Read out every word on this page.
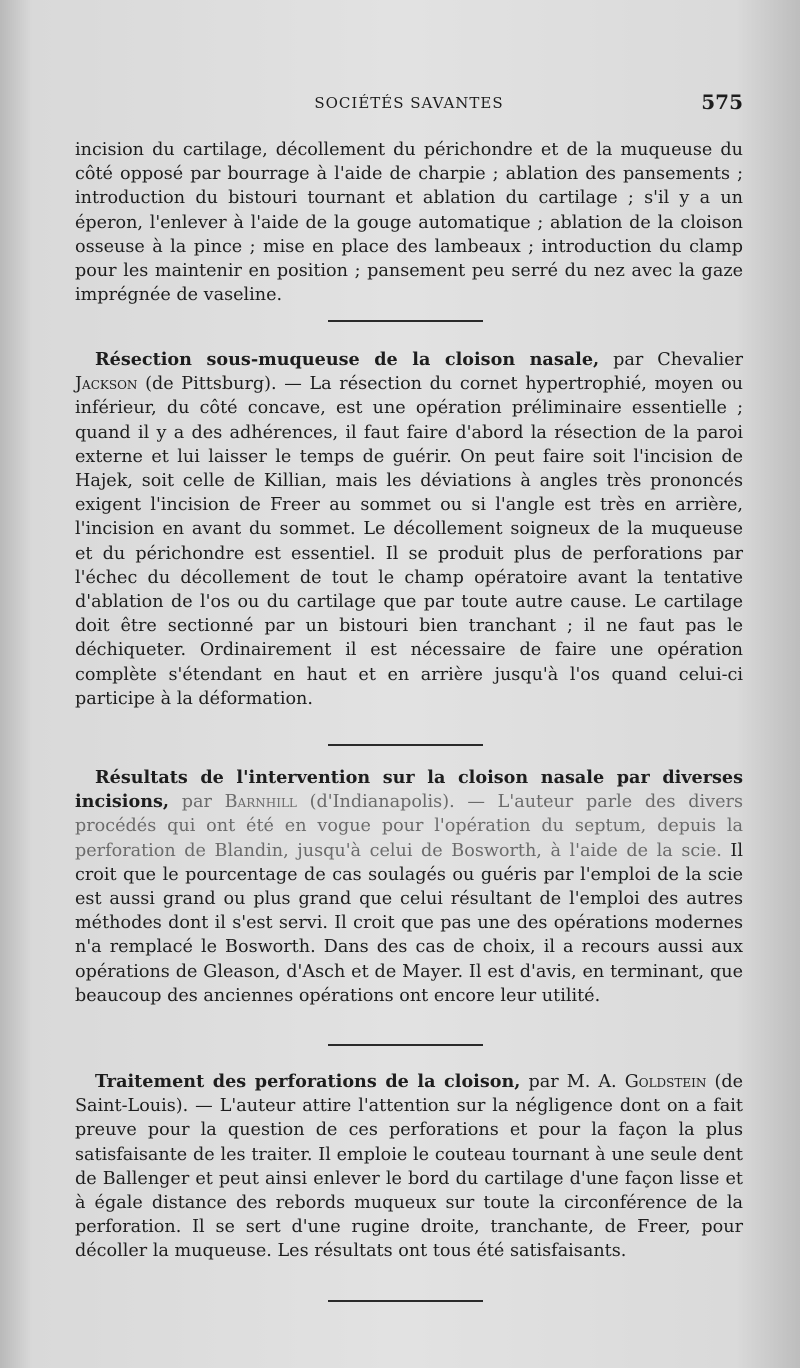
SOCIÉTÉS SAVANTES	575

incision du cartilage, décollement du périchondre et de la muqueuse du côté opposé par bourrage à l'aide de charpie ; ablation des pansements ; introduction du bistouri tournant et ablation du cartilage ; s'il y a un éperon, l'enlever à l'aide de la gouge automatique ; ablation de la cloison osseuse à la pince ; mise en place des lambeaux ; introduction du clamp pour les maintenir en position ; pansement peu serré du nez avec la gaze imprégnée de vaseline.

Résection sous-muqueuse de la cloison nasale, par Chevalier Jackson (de Pittsburg). — La résection du cornet hypertrophié, moyen ou inférieur, du côté concave, est une opération préliminaire essentielle ; quand il y a des adhérences, il faut faire d'abord la résection de la paroi externe et lui laisser le temps de guérir. On peut faire soit l'incision de Hajek, soit celle de Killian, mais les déviations à angles très prononcés exigent l'incision de Freer au sommet ou si l'angle est très en arrière, l'incision en avant du sommet. Le décollement soigneux de la muqueuse et du périchondre est essentiel. Il se produit plus de perforations par l'échec du décollement de tout le champ opératoire avant la tentative d'ablation de l'os ou du cartilage que par toute autre cause. Le cartilage doit être sectionné par un bistouri bien tranchant ; il ne faut pas le déchiqueter. Ordinairement il est nécessaire de faire une opération complète s'étendant en haut et en arrière jusqu'à l'os quand celui-ci participe à la déformation.

Résultats de l'intervention sur la cloison nasale par diverses incisions, par Barnhill (d'Indianapolis). — L'auteur parle des divers procédés qui ont été en vogue pour l'opération du septum, depuis la perforation de Blandin, jusqu'à celui de Bosworth, à l'aide de la scie. Il croit que le pourcentage de cas soulagés ou guéris par l'emploi de la scie est aussi grand ou plus grand que celui résultant de l'emploi des autres méthodes dont il s'est servi. Il croit que pas une des opérations modernes n'a remplacé le Bosworth. Dans des cas de choix, il a recours aussi aux opérations de Gleason, d'Asch et de Mayer. Il est d'avis, en terminant, que beaucoup des anciennes opérations ont encore leur utilité.

Traitement des perforations de la cloison, par M. A. Goldstein (de Saint-Louis). — L'auteur attire l'attention sur la négligence dont on a fait preuve pour la question de ces perforations et pour la façon la plus satisfaisante de les traiter. Il emploie le couteau tournant à une seule dent de Ballenger et peut ainsi enlever le bord du cartilage d'une façon lisse et à égale distance des rebords muqueux sur toute la circonférence de la perforation. Il se sert d'une rugine droite, tranchante, de Freer, pour décoller la muqueuse. Les résultats ont tous été satisfaisants.
